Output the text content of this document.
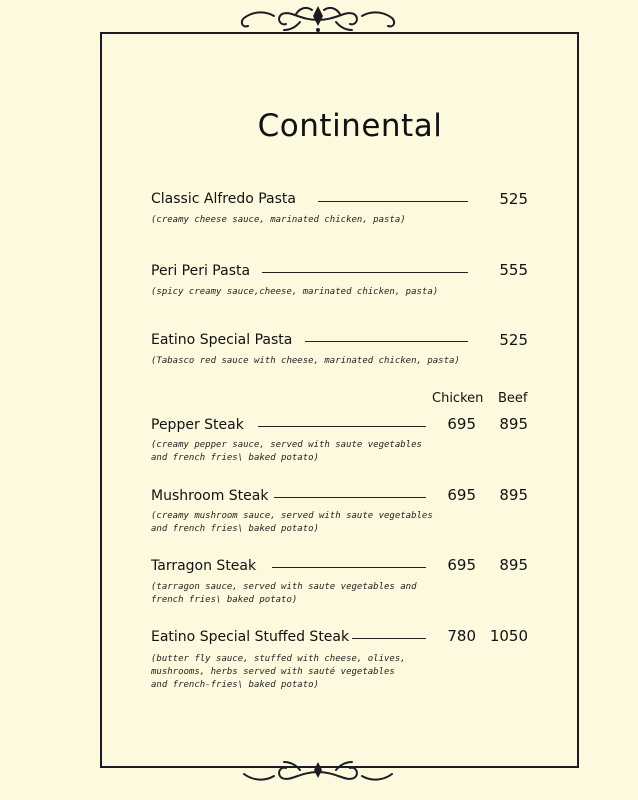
Continental
Classic Alfredo Pasta	525
(creamy cheese sauce, marinated chicken, pasta)
Peri Peri Pasta	555
(spicy creamy sauce,cheese, marinated chicken, pasta)
Eatino Special Pasta	525
(Tabasco red sauce with cheese, marinated chicken, pasta)
Chicken Beef
Pepper Steak	695	895
(creamy pepper sauce, served with saute vegetables
and french fries\ baked potato)
Mushroom Steak	695	895
(creamy mushroom sauce, served with saute vegetables
and french fries\ baked potato)
Tarragon Steak	695	895
(tarragon sauce, served with saute vegetables and
french fries\ baked potato)
Eatino Special Stuffed Steak	780 1050
(butter fly sauce, stuffed with cheese, olives,
mushrooms, herbs served with sauté vegetables
and french-fries\ baked potato)
